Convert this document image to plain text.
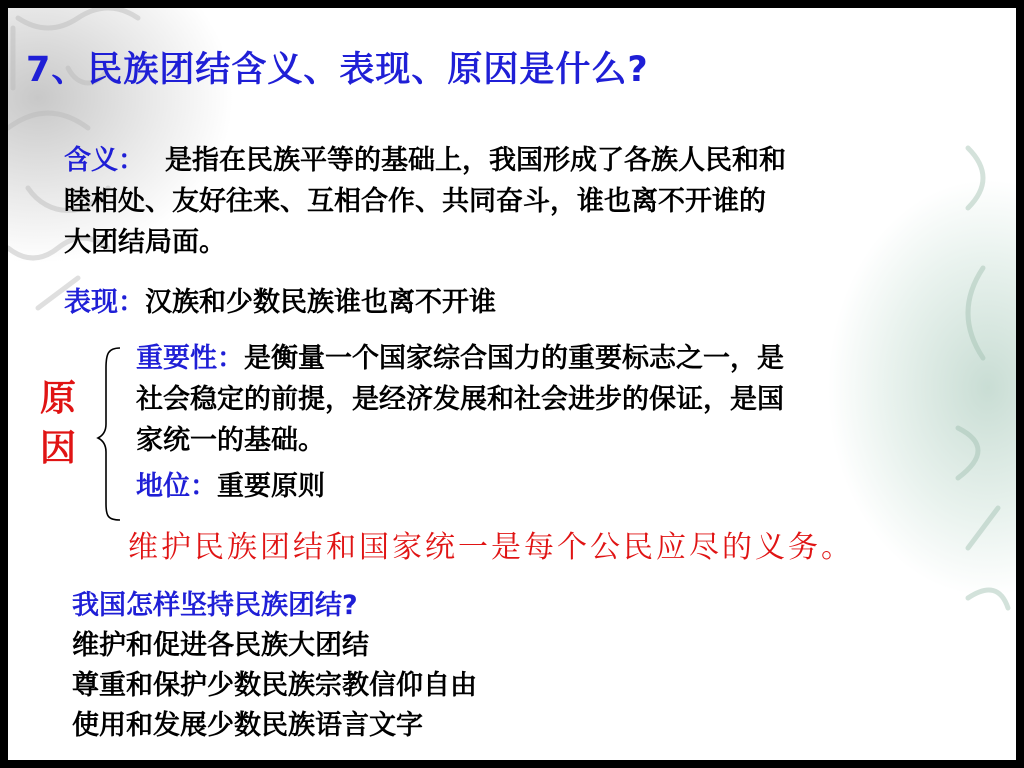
7、民族团结含义、表现、原因是什么?
含义： 是指在民族平等的基础上，我国形成了各族人民和和
睦相处、友好往来、互相合作、共同奋斗，谁也离不开谁的
大团结局面。
表现：汉族和少数民族谁也离不开谁
原
因
重要性：是衡量一个国家综合国力的重要标志之一，是
社会稳定的前提，是经济发展和社会进步的保证，是国
家统一的基础。
地位：重要原则
维护民族团结和国家统一是每个公民应尽的义务。
我国怎样坚持民族团结?
维护和促进各民族大团结
尊重和保护少数民族宗教信仰自由
使用和发展少数民族语言文字
